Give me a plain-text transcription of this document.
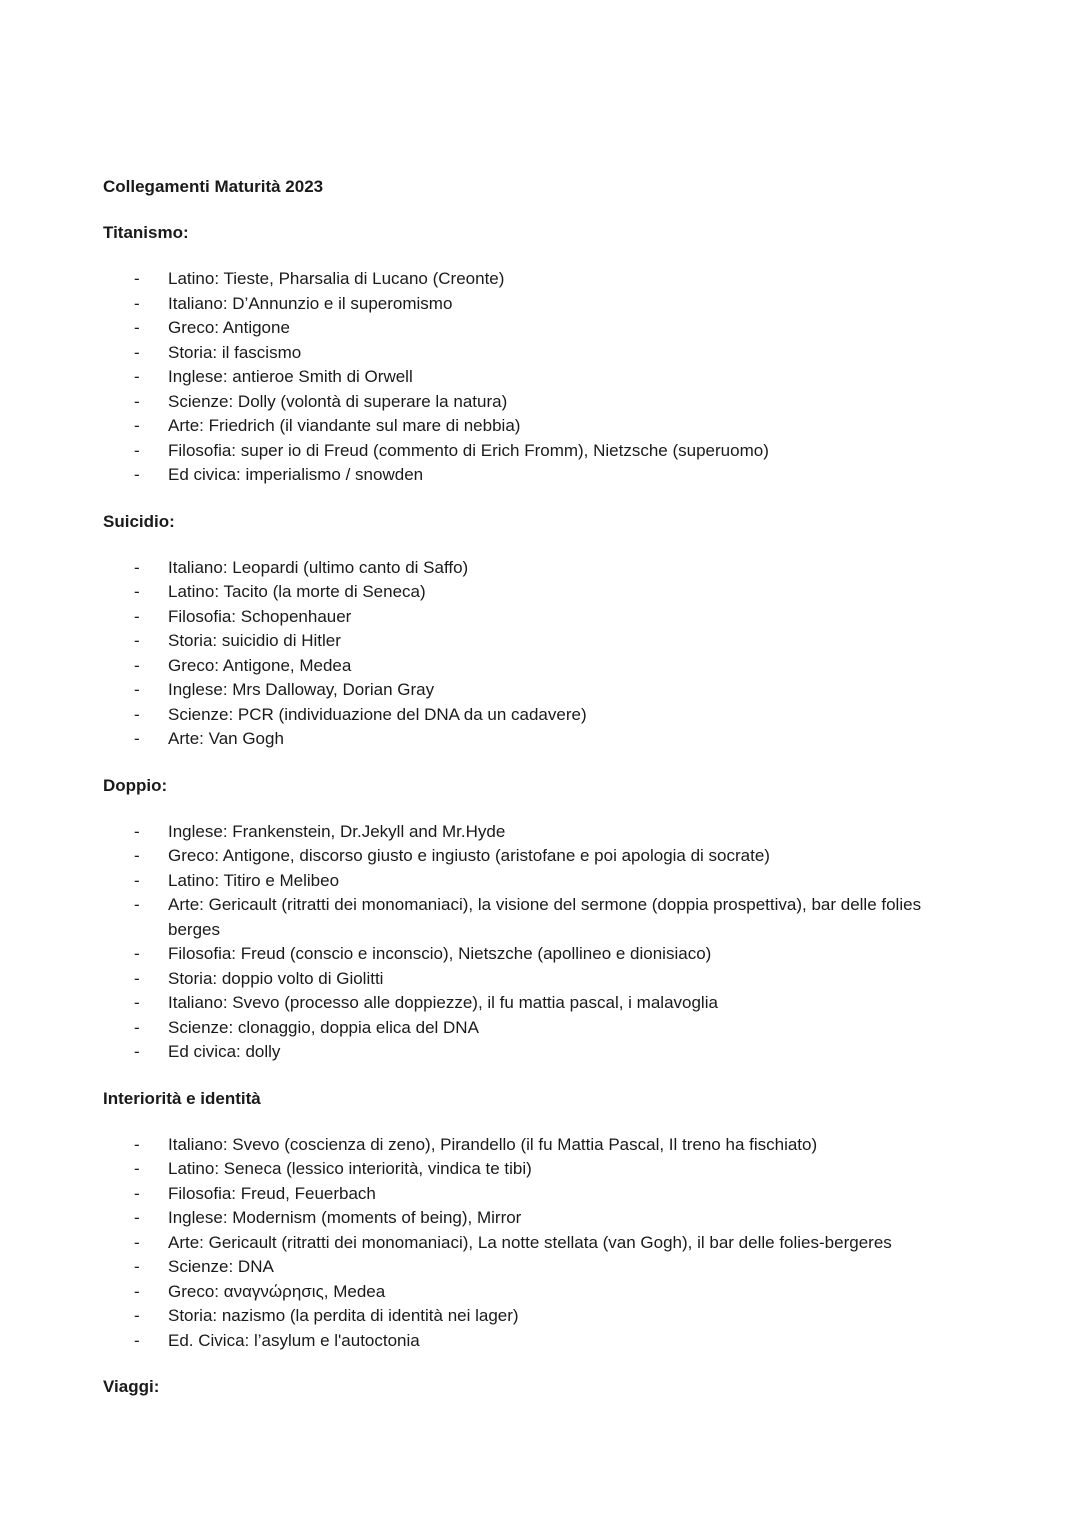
Collegamenti Maturità 2023
Titanismo:
- Latino: Tieste, Pharsalia di Lucano (Creonte)
- Italiano: D’Annunzio e il superomismo
- Greco: Antigone
- Storia: il fascismo
- Inglese: antieroe Smith di Orwell
- Scienze: Dolly (volontà di superare la natura)
- Arte: Friedrich (il viandante sul mare di nebbia)
- Filosofia: super io di Freud (commento di Erich Fromm), Nietzsche (superuomo)
- Ed civica: imperialismo / snowden
Suicidio:
- Italiano: Leopardi (ultimo canto di Saffo)
- Latino: Tacito (la morte di Seneca)
- Filosofia: Schopenhauer
- Storia: suicidio di Hitler
- Greco: Antigone, Medea
- Inglese: Mrs Dalloway, Dorian Gray
- Scienze: PCR (individuazione del DNA da un cadavere)
- Arte: Van Gogh
Doppio:
- Inglese: Frankenstein, Dr.Jekyll and Mr.Hyde
- Greco: Antigone, discorso giusto e ingiusto (aristofane e poi apologia di socrate)
- Latino: Titiro e Melibeo
- Arte: Gericault (ritratti dei monomaniaci), la visione del sermone (doppia prospettiva), bar delle folies berges
- Filosofia: Freud (conscio e inconscio), Nietszche (apollineo e dionisiaco)
- Storia: doppio volto di Giolitti
- Italiano: Svevo (processo alle doppiezze), il fu mattia pascal, i malavoglia
- Scienze: clonaggio, doppia elica del DNA
- Ed civica: dolly
Interiorità e identità
- Italiano: Svevo (coscienza di zeno), Pirandello (il fu Mattia Pascal, Il treno ha fischiato)
- Latino: Seneca (lessico interiorità, vindica te tibi)
- Filosofia: Freud, Feuerbach
- Inglese: Modernism (moments of being), Mirror
- Arte: Gericault (ritratti dei monomaniaci), La notte stellata (van Gogh), il bar delle folies-bergeres
- Scienze: DNA
- Greco: αναγνώρησις, Medea
- Storia: nazismo (la perdita di identità nei lager)
- Ed. Civica: l’asylum e l'autoctonia
Viaggi:
